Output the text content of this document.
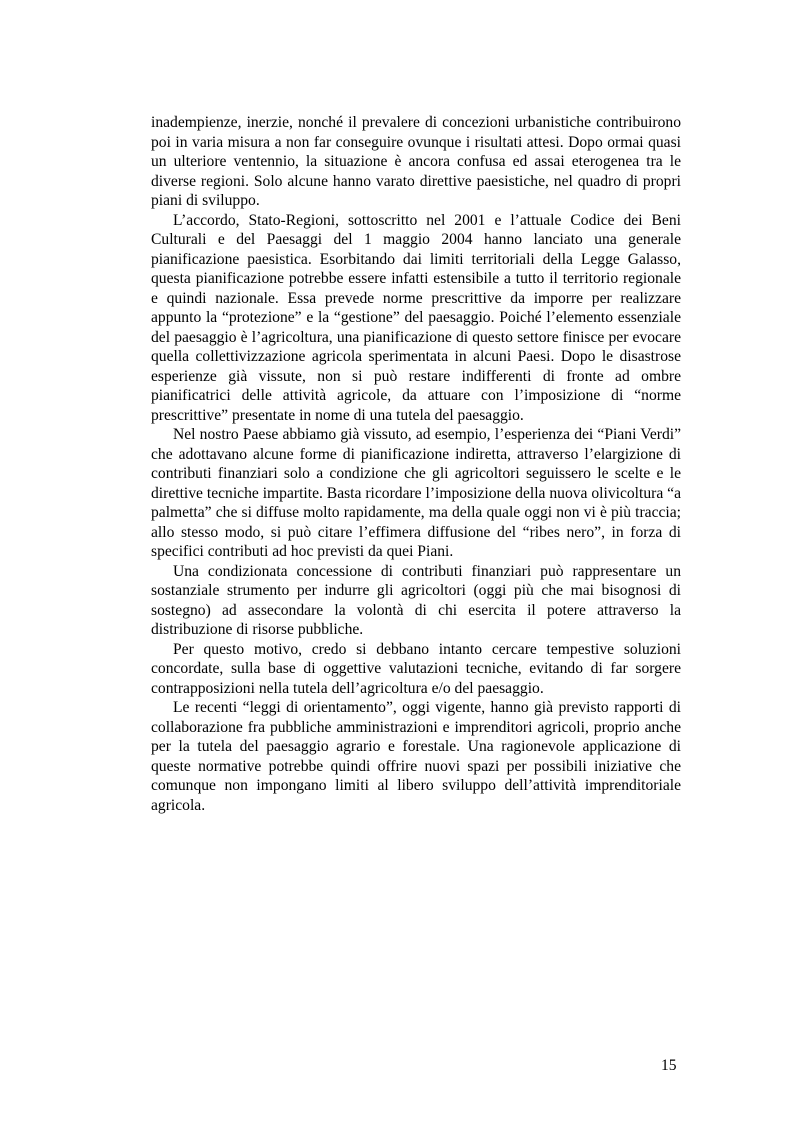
inadempienze, inerzie, nonché il prevalere di concezioni urbanistiche contribuirono poi in varia misura a non far conseguire ovunque i risultati attesi. Dopo ormai quasi un ulteriore ventennio, la situazione è ancora confusa ed assai eterogenea tra le diverse regioni. Solo alcune hanno varato direttive paesistiche, nel quadro di propri piani di sviluppo.

L’accordo, Stato-Regioni, sottoscritto nel 2001 e l’attuale Codice dei Beni Culturali e del Paesaggi del 1 maggio 2004 hanno lanciato una generale pianificazione paesistica. Esorbitando dai limiti territoriali della Legge Galasso, questa pianificazione potrebbe essere infatti estensibile a tutto il territorio regionale e quindi nazionale. Essa prevede norme prescrittive da imporre per realizzare appunto la “protezione” e la “gestione” del paesaggio. Poiché l’elemento essenziale del paesaggio è l’agricoltura, una pianificazione di questo settore finisce per evocare quella collettivizzazione agricola sperimentata in alcuni Paesi. Dopo le disastrose esperienze già vissute, non si può restare indifferenti di fronte ad ombre pianificatrici delle attività agricole, da attuare con l’imposizione di “norme prescrittive” presentate in nome di una tutela del paesaggio.

Nel nostro Paese abbiamo già vissuto, ad esempio, l’esperienza dei “Piani Verdi” che adottavano alcune forme di pianificazione indiretta, attraverso l’elargizione di contributi finanziari solo a condizione che gli agricoltori seguissero le scelte e le direttive tecniche impartite. Basta ricordare l’imposizione della nuova olivicoltura “a palmetta” che si diffuse molto rapidamente, ma della quale oggi non vi è più traccia; allo stesso modo, si può citare l’effimera diffusione del “ribes nero”, in forza di specifici contributi ad hoc previsti da quei Piani.

Una condizionata concessione di contributi finanziari può rappresentare un sostanziale strumento per indurre gli agricoltori (oggi più che mai bisognosi di sostegno) ad assecondare la volontà di chi esercita il potere attraverso la distribuzione di risorse pubbliche.

Per questo motivo, credo si debbano intanto cercare tempestive soluzioni concordate, sulla base di oggettive valutazioni tecniche, evitando di far sorgere contrapposizioni nella tutela dell’agricoltura e/o del paesaggio.

Le recenti “leggi di orientamento”, oggi vigente, hanno già previsto rapporti di collaborazione fra pubbliche amministrazioni e imprenditori agricoli, proprio anche per la tutela del paesaggio agrario e forestale. Una ragionevole applicazione di queste normative potrebbe quindi offrire nuovi spazi per possibili iniziative che comunque non impongano limiti al libero sviluppo dell’attività imprenditoriale agricola.

15
